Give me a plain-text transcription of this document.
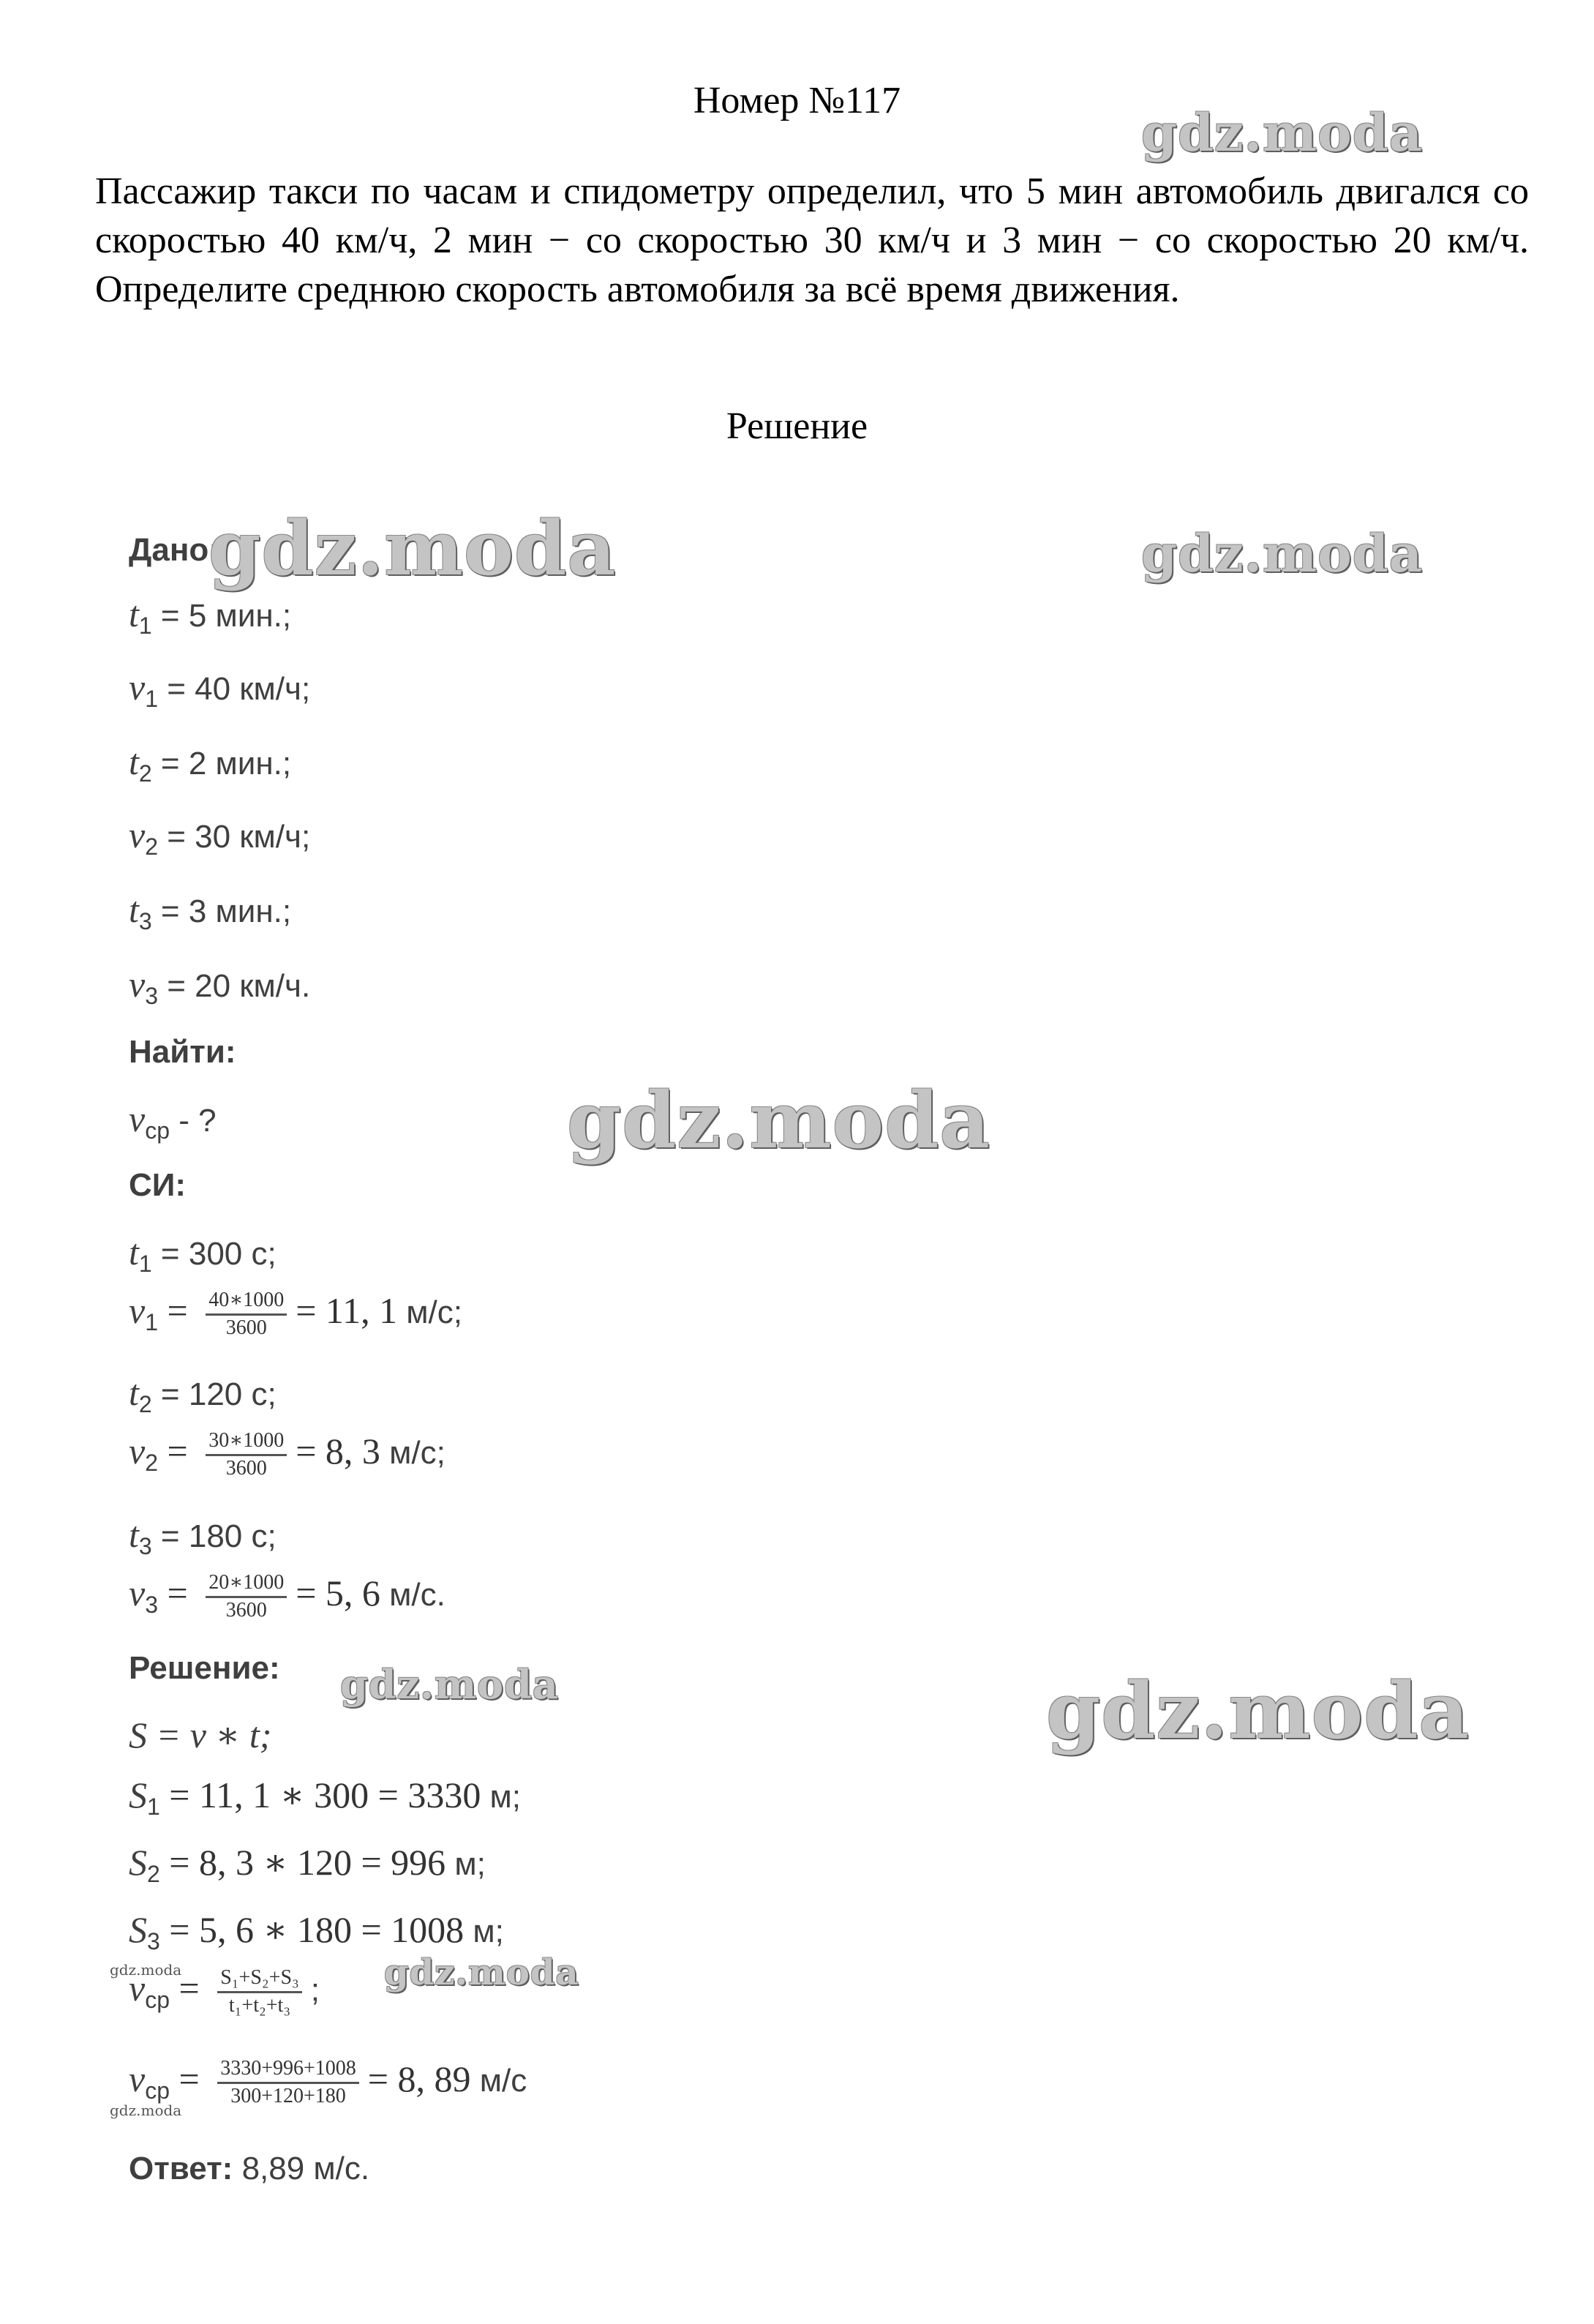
Номер №117
Пассажир такси по часам и спидометру определил, что 5 мин автомобиль двигался со скоростью 40 км/ч, 2 мин − со скоростью 30 км/ч и 3 мин − со скоростью 20 км/ч. Определите среднюю скорость автомобиля за всё время движения.
Решение
Дано:
$t_1 = 5$ мин.;
$v_1 = 40$ км/ч;
$t_2 = 2$ мин.;
$v_2 = 30$ км/ч;
$t_3 = 3$ мин.;
$v_3 = 20$ км/ч.
Найти:
$v_{ср}$ - ?
СИ:
$t_1 = 300$ с;
$v_1 = \frac{40∗1000}{3600} = 11$, 1 м/с;
$t_2 = 120$ с;
$v_2 = \frac{30∗1000}{3600} = 8$, 3 м/с;
$t_3 = 180$ с;
$v_3 = \frac{20∗1000}{3600} = 5$, 6 м/с.
Решение:
S = v ∗ t;
$S_1 = 11$, 1 ∗ 300 = 3330 м;
$S_2 = 8$, 3 ∗ 120 = 996 м;
$S_3 = 5$, 6 ∗ 180 = 1008 м;
$v_{ср} = \frac{\text{S₁+S₂+S₃}}{\text{t₁+t₂+t₃}}$ ;
$v_{ср} = \frac{3330+996+1008}{300+120+180} = 8$, 89 м/с
Ответ: 8,89 м/с.
gdz.moda
gdz.moda	gdz.moda
gdz.moda
gdz.moda	gdz.moda
gdz.moda
gdz.moda
gdz.moda
